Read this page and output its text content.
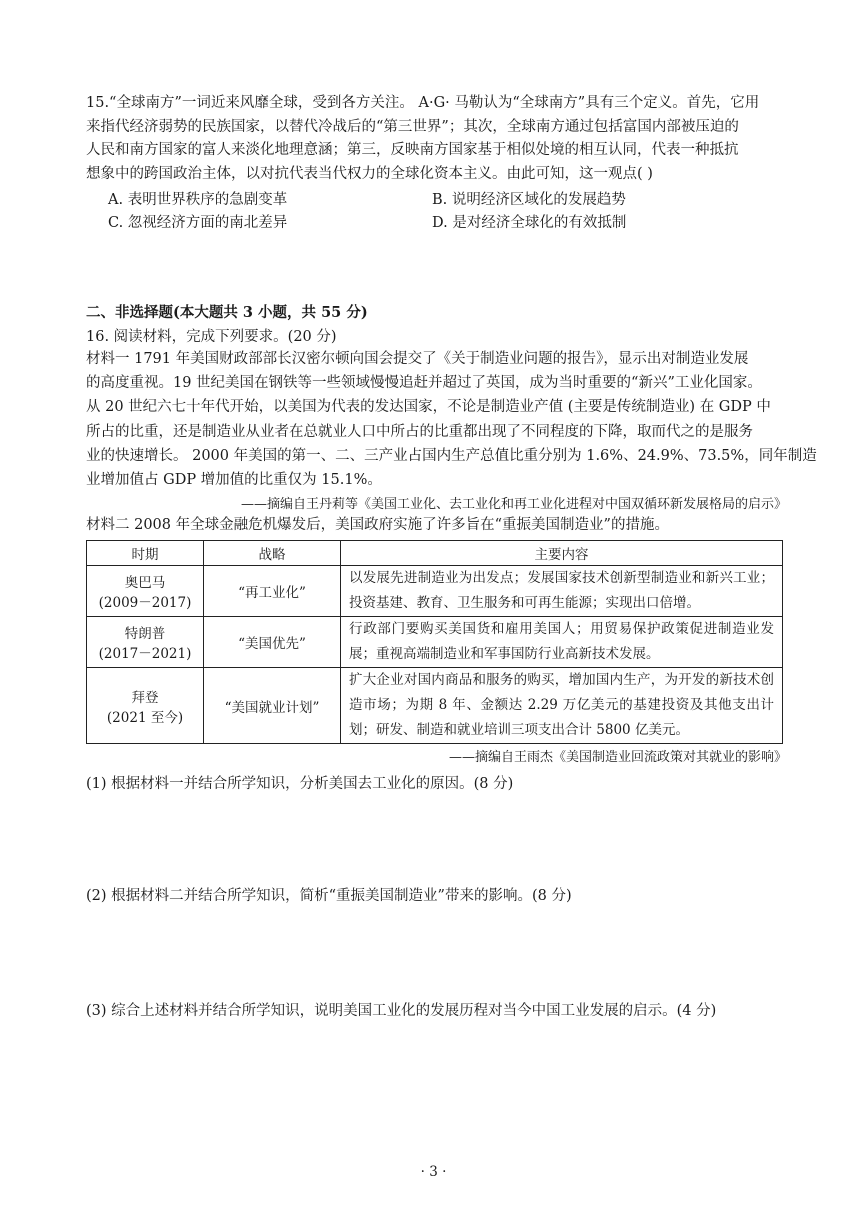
15.“全球南方”一词近来风靡全球，受到各方关注。 A·G· 马勒认为“全球南方”具有三个定义。首先，它用
来指代经济弱势的民族国家，以替代冷战后的“第三世界”；其次，全球南方通过包括富国内部被压迫的
人民和南方国家的富人来淡化地理意涵；第三，反映南方国家基于相似处境的相互认同，代表一种抵抗
想象中的跨国政治主体，以对抗代表当代权力的全球化资本主义。由此可知，这一观点( )
A. 表明世界秩序的急剧变革	B. 说明经济区域化的发展趋势
C. 忽视经济方面的南北差异	D. 是对经济全球化的有效抵制
二、非选择题(本大题共 3 小题，共 55 分)
16. 阅读材料，完成下列要求。(20 分)
材料一 1791 年美国财政部部长汉密尔顿向国会提交了《关于制造业问题的报告》，显示出对制造业发展
的高度重视。19 世纪美国在钢铁等一些领域慢慢追赶并超过了英国，成为当时重要的“新兴”工业化国家。
从 20 世纪六七十年代开始，以美国为代表的发达国家，不论是制造业产值 (主要是传统制造业) 在 GDP 中
所占的比重，还是制造业从业者在总就业人口中所占的比重都出现了不同程度的下降，取而代之的是服务
业的快速增长。 2000 年美国的第一、二、三产业占国内生产总值比重分别为 1.6%、24.9%、73.5%，同年制造
业增加值占 GDP 增加值的比重仅为 15.1%。
——摘编自王丹莉等《美国工业化、去工业化和再工业化进程对中国双循环新发展格局的启示》
材料二 2008 年全球金融危机爆发后，美国政府实施了许多旨在“重振美国制造业”的措施。
时期	战略	主要内容

奥巴马
(2009－2017)	“再工业化”	以发展先进制造业为出发点；发展国家技术创新型制造业和新兴工业；投资基建、教育、卫生服务和可再生能源；实现出口倍增。

特朗普
(2017－2021)	“美国优先”	行政部门要购买美国货和雇用美国人；用贸易保护政策促进制造业发展；重视高端制造业和军事国防行业高新技术发展。

拜登
(2021 至今)	“美国就业计划”	扩大企业对国内商品和服务的购买，增加国内生产，为开发的新技术创造市场；为期 8 年、金额达 2.29 万亿美元的基建投资及其他支出计划；研发、制造和就业培训三项支出合计 5800 亿美元。
——摘编自王雨杰《美国制造业回流政策对其就业的影响》
(1) 根据材料一并结合所学知识，分析美国去工业化的原因。(8 分)
(2) 根据材料二并结合所学知识，简析“重振美国制造业”带来的影响。(8 分)
(3) 综合上述材料并结合所学知识，说明美国工业化的发展历程对当今中国工业发展的启示。(4 分)
· 3 ·
